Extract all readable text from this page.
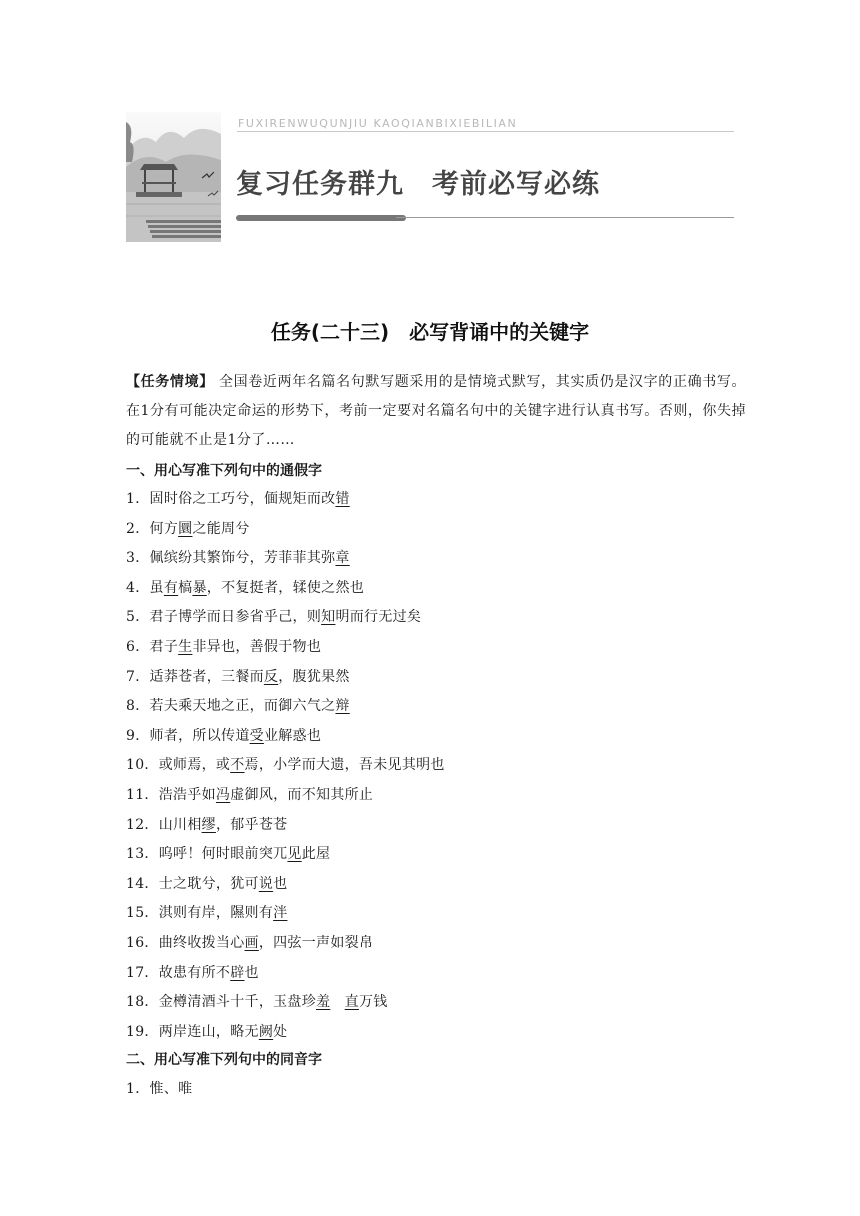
FUXIRENWUQUNJIU KAOQIANBIXIEBILIAN
复习任务群九　考前必写必练
任务(二十三)　必写背诵中的关键字
【任务情境】 全国卷近两年名篇名句默写题采用的是情境式默写，其实质仍是汉字的正确书写。在1分有可能决定命运的形势下，考前一定要对名篇名句中的关键字进行认真书写。否则，你失掉的可能就不止是1分了……
一、用心写准下列句中的通假字
1．固时俗之工巧兮，偭规矩而改错
2．何方圜之能周兮
3．佩缤纷其繁饰兮，芳菲菲其弥章
4．虽有槁暴，不复挺者，𫐓使之然也
5．君子博学而日参省乎己，则知明而行无过矣
6．君子生非异也，善假于物也
7．适莽苍者，三餐而反，腹犹果然
8．若夫乘天地之正，而御六气之辩
9．师者，所以传道受业解惑也
10．或师焉，或不焉，小学而大遗，吾未见其明也
11．浩浩乎如冯虚御风，而不知其所止
12．山川相缪，郁乎苍苍
13．呜呼！何时眼前突兀见此屋
14．士之耽兮，犹可说也
15．淇则有岸，隰则有泮
16．曲终收拨当心画，四弦一声如裂帛
17．故患有所不辟也
18．金樽清酒斗十千，玉盘珍羞　 直万钱
19．两岸连山，略无阙处
二、用心写准下列句中的同音字
1．惟、唯
